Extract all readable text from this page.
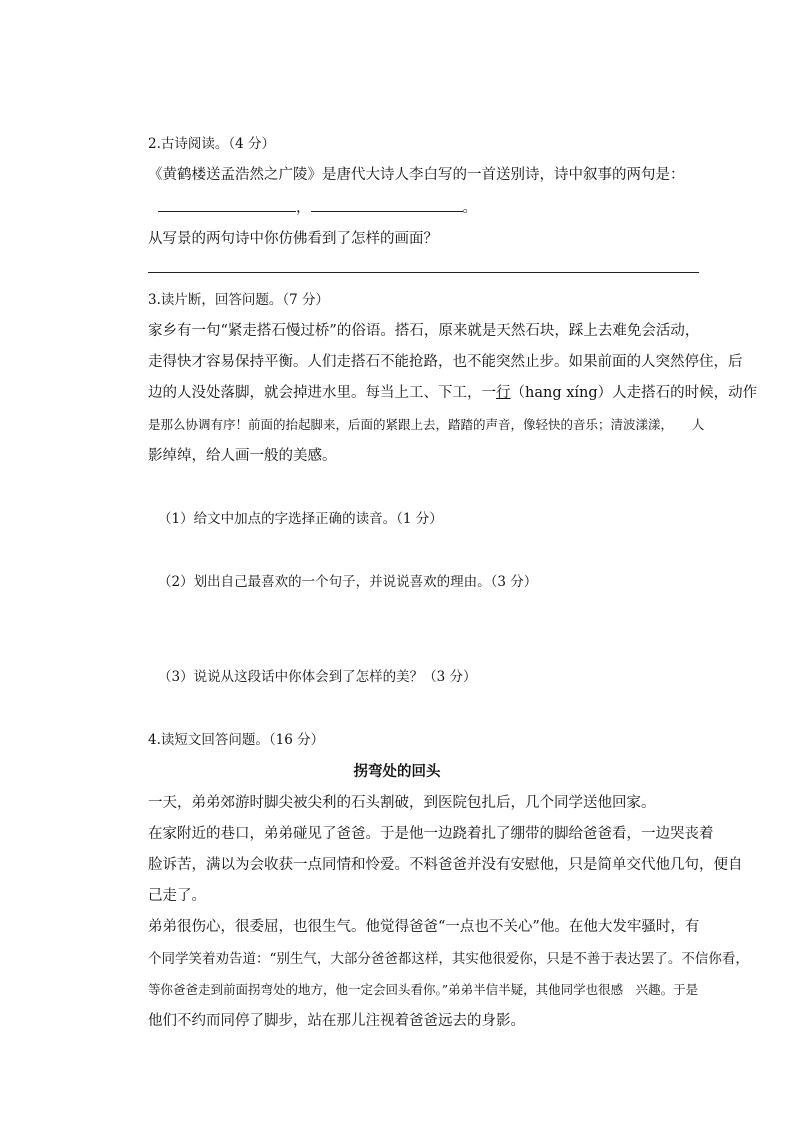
2.古诗阅读。（4 分）
《黄鹤楼送孟浩然之广陵》是唐代大诗人李白写的一首送别诗，诗中叙事的两句是：
，	。
从写景的两句诗中你仿佛看到了怎样的画面？
3.读片断，回答问题。（7 分）
家乡有一句“紧走搭石慢过桥”的俗语。搭石，原来就是天然石块，踩上去难免会活动，
走得快才容易保持平衡。人们走搭石不能抢路，也不能突然止步。如果前面的人突然停住，后
边的人没处落脚，就会掉进水里。每当上工、下工，一行（hang xíng）人走搭石的时候，动作
是那么协调有序！前面的抬起脚来，后面的紧跟上去，踏踏的声音，像轻快的音乐；清波漾漾，　　人
影绰绰，给人画一般的美感。
（1）给文中加点的字选择正确的读音。（1 分）
（2）划出自己最喜欢的一个句子，并说说喜欢的理由。（3 分）
（3）说说从这段话中你体会到了怎样的美？（3 分）
4.读短文回答问题。（16 分）
拐弯处的回头
一天，弟弟郊游时脚尖被尖利的石头割破，到医院包扎后，几个同学送他回家。
在家附近的巷口，弟弟碰见了爸爸。于是他一边跷着扎了绷带的脚给爸爸看，一边哭丧着
脸诉苦，满以为会收获一点同情和怜爱。不料爸爸并没有安慰他，只是简单交代他几句，便自
己走了。
弟弟很伤心，很委屈，也很生气。他觉得爸爸“一点也不关心”他。在他大发牢骚时，有
个同学笑着劝告道：“别生气，大部分爸爸都这样，其实他很爱你，只是不善于表达罢了。不信你看，
等你爸爸走到前面拐弯处的地方，他一定会回头看你。”弟弟半信半疑，其他同学也很感　兴趣。于是
他们不约而同停了脚步，站在那儿注视着爸爸远去的身影。
